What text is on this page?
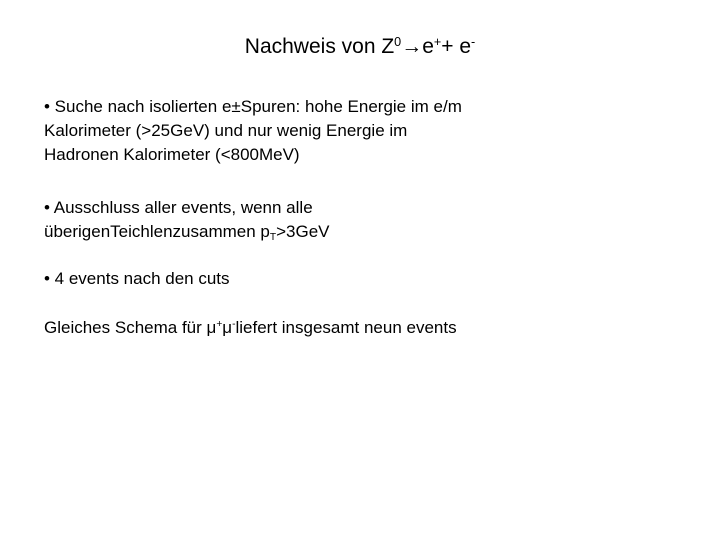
Nachweis von $Z^0\to e^++ e^-$

• Suche nach isolierten e±Spuren: hohe Energie im e/m
Kalorimeter (>25GeV) und nur wenig Energie im
Hadronen Kalorimeter (<800MeV)

• Ausschluss aller events, wenn alle
überigenTeichlenzusammen $p_T>3GeV$

• 4 events nach den cuts

Gleiches Schema für μ+μ-liefert insgesamt neun events
